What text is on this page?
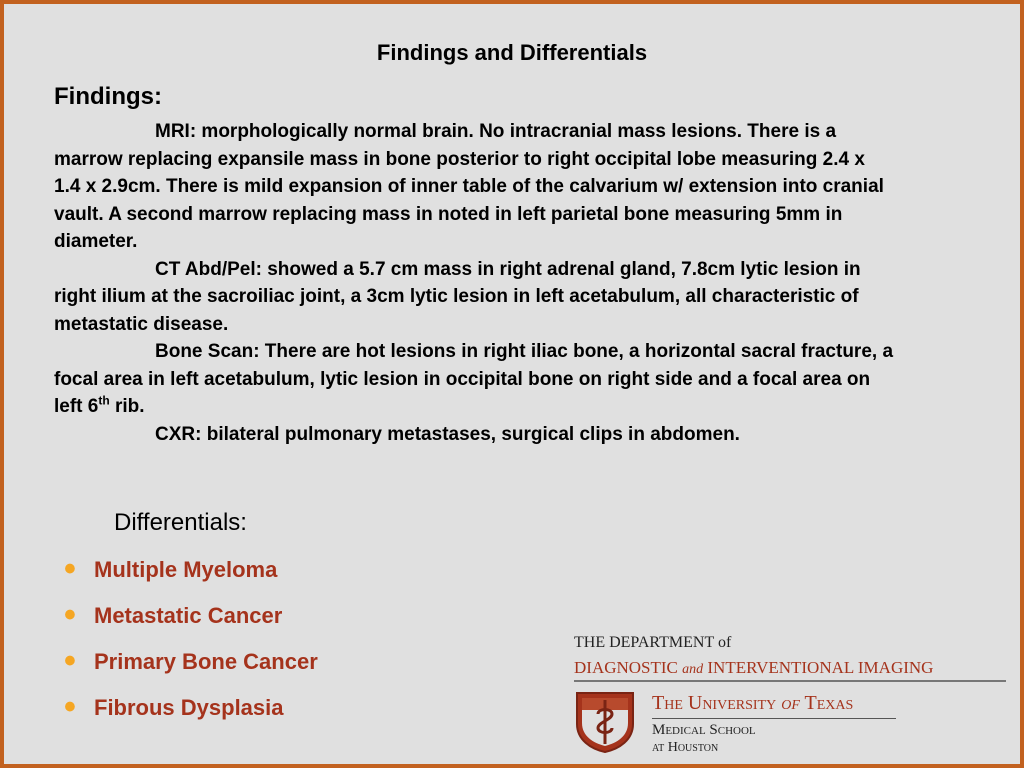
Findings and Differentials
Findings:

MRI: morphologically normal brain. No intracranial mass lesions. There is a marrow replacing expansile mass in bone posterior to right occipital lobe measuring 2.4 x 1.4 x 2.9cm. There is mild expansion of inner table of the calvarium w/ extension into cranial vault. A second marrow replacing mass in noted in left parietal bone measuring 5mm in diameter.

CT Abd/Pel: showed a 5.7 cm mass in right adrenal gland, 7.8cm lytic lesion in right ilium at the sacroiliac joint, a 3cm lytic lesion in left acetabulum, all characteristic of metastatic disease.

Bone Scan: There are hot lesions in right iliac bone, a horizontal sacral fracture, a focal area in left acetabulum, lytic lesion in occipital bone on right side and a focal area on left 6th rib.

CXR: bilateral pulmonary metastases, surgical clips in abdomen.

Differentials:
• Multiple Myeloma
• Metastatic Cancer
• Primary Bone Cancer
• Fibrous Dysplasia
THE DEPARTMENT of
DIAGNOSTIC and INTERVENTIONAL IMAGING
The University of Texas
Medical School
at Houston
